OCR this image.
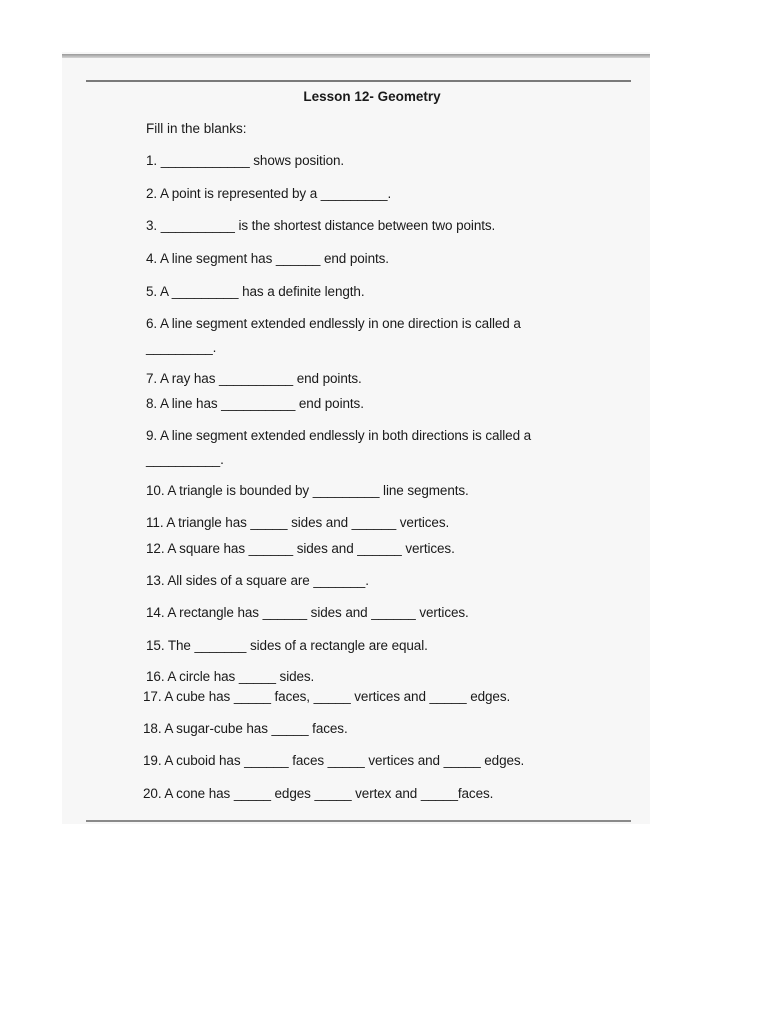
Lesson 12- Geometry
Fill in the blanks:
1. ____________ shows position.
2. A point is represented by a _________.
3. __________ is the shortest distance between two points.
4. A line segment has ______ end points.
5. A _________ has a definite length.
6. A line segment extended endlessly in one direction is called a
_________.
7. A ray has __________ end points.
8. A line has __________ end points.
9. A line segment extended endlessly in both directions is called a
__________.
10. A triangle is bounded by _________ line segments.
11. A triangle has _____ sides and ______ vertices.
12. A square has ______ sides and ______ vertices.
13. All sides of a square are _______.
14. A rectangle has ______ sides and ______ vertices.
15. The _______ sides of a rectangle are equal.
16. A circle has _____ sides.
17. A cube has _____ faces, _____ vertices and _____ edges.
18. A sugar-cube has _____ faces.
19. A cuboid has ______ faces _____ vertices and _____ edges.
20. A cone has _____ edges _____ vertex and _____faces.
